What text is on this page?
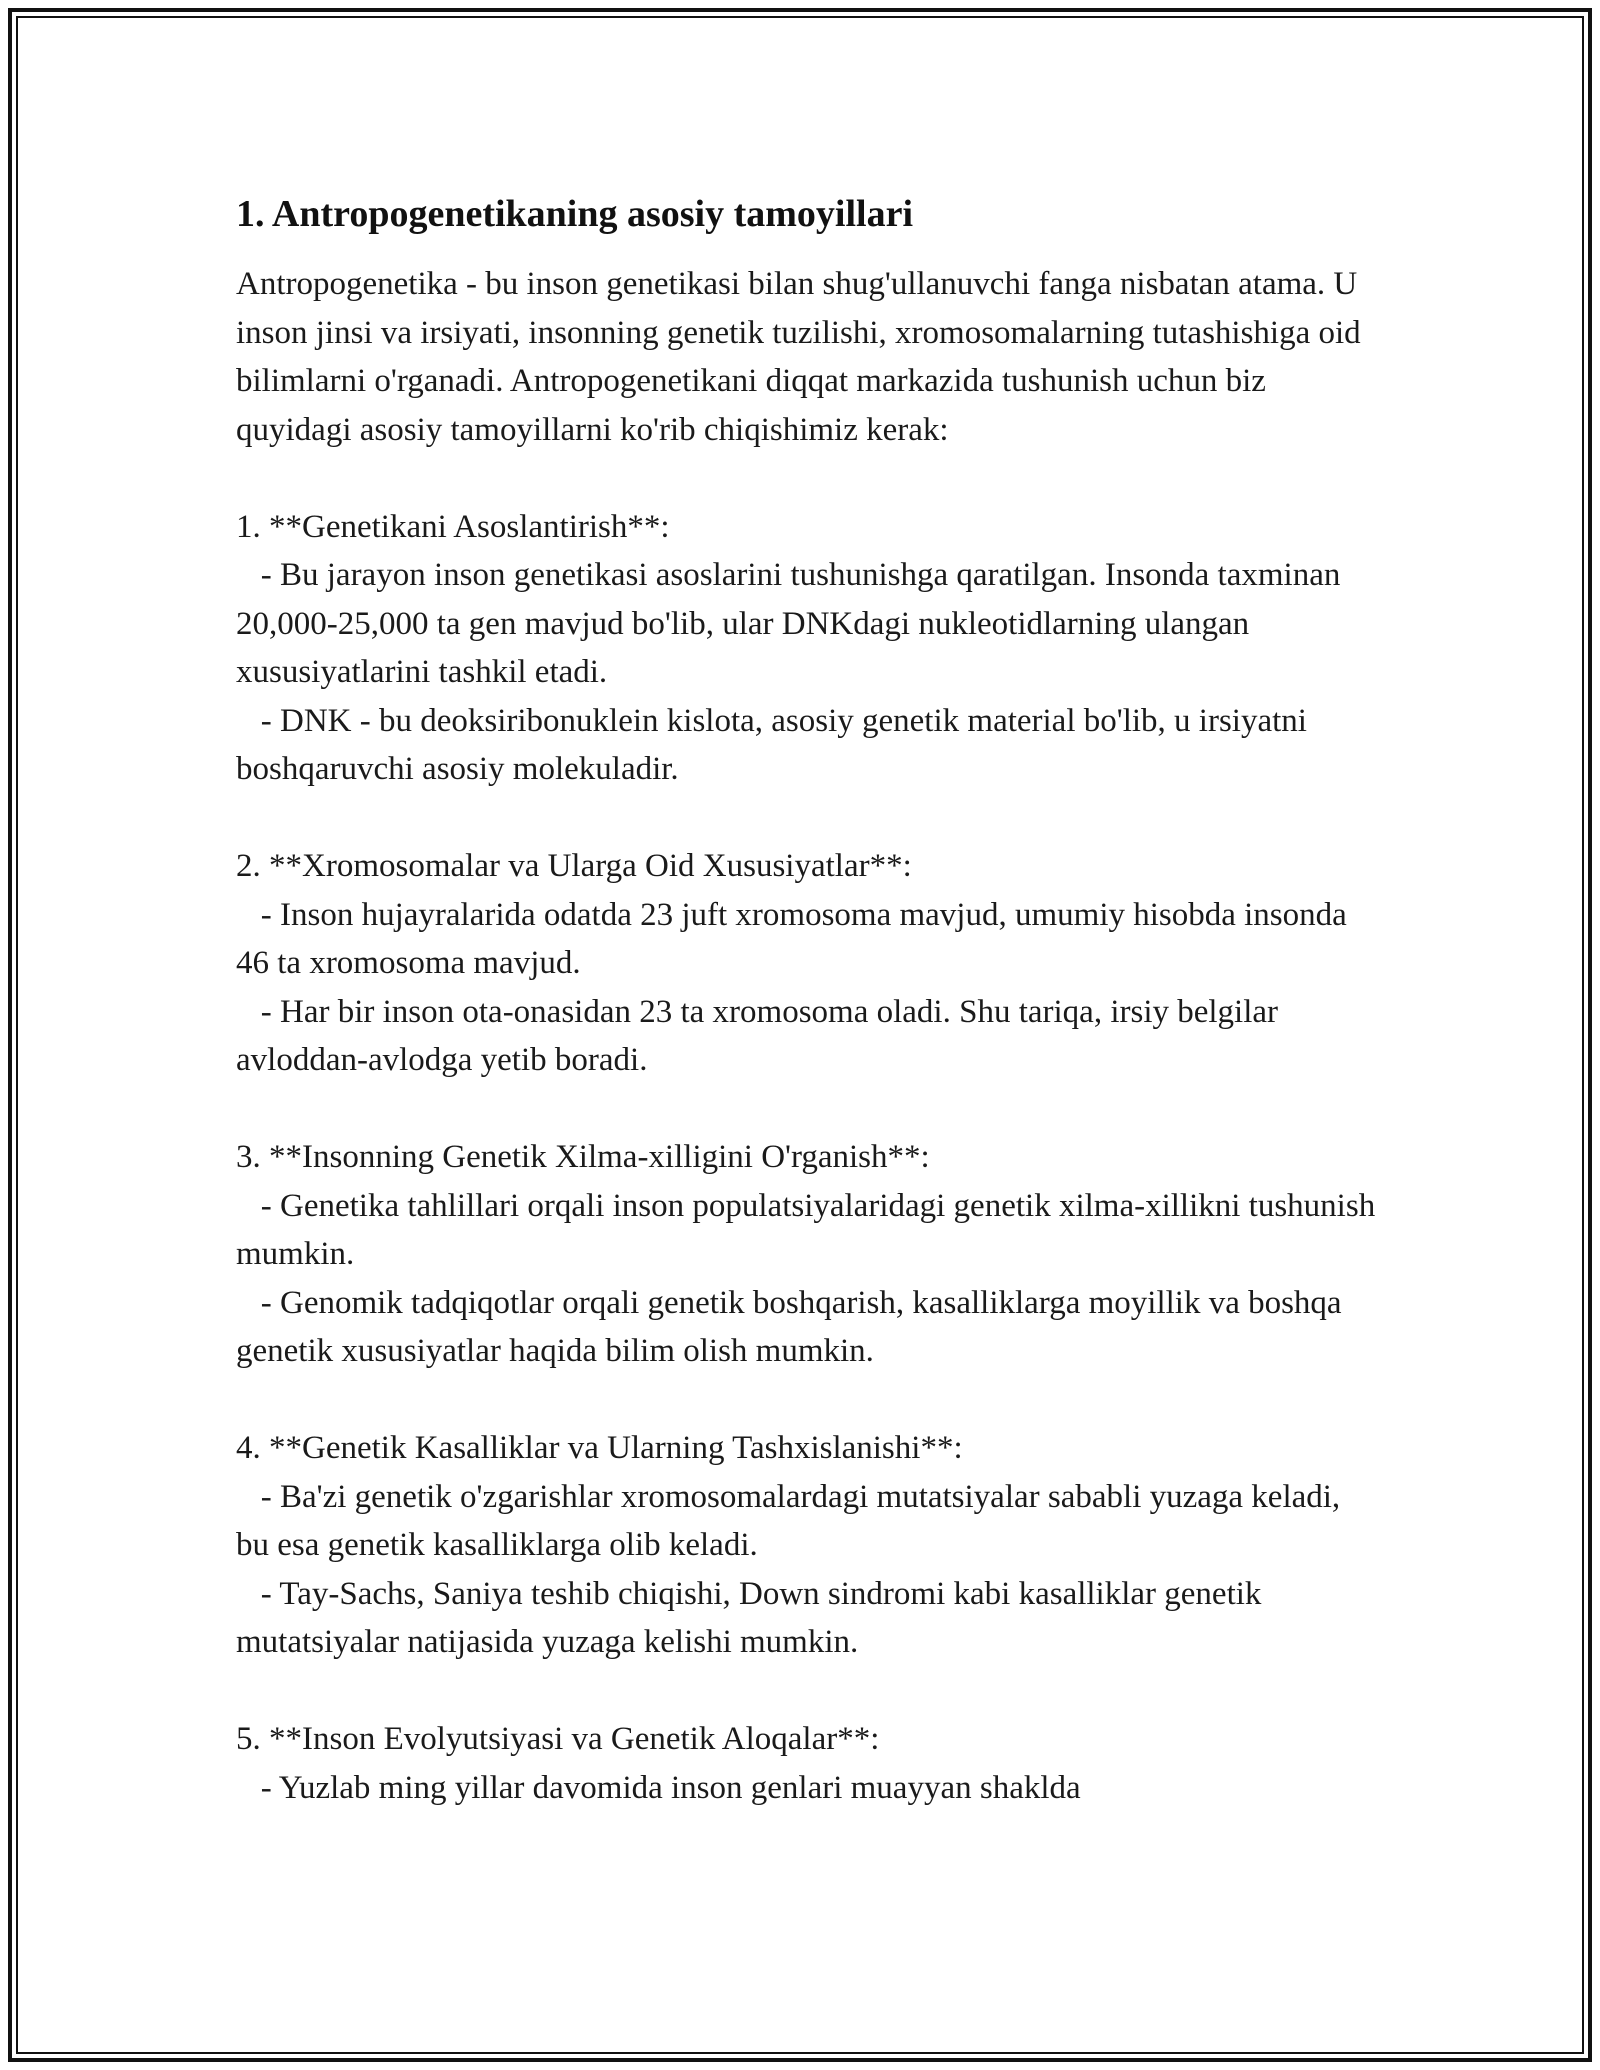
1. Antropogenetikaning asosiy tamoyillari

Antropogenetika - bu inson genetikasi bilan shug'ullanuvchi fanga nisbatan atama. U inson jinsi va irsiyati, insonning genetik tuzilishi, xromosomalarning tutashishiga oid bilimlarni o'rganadi. Antropogenetikani diqqat markazida tushunish uchun biz quyidagi asosiy tamoyillarni ko'rib chiqishimiz kerak:

1. **Genetikani Asoslantirish**:

- Bu jarayon inson genetikasi asoslarini tushunishga qaratilgan. Insonda taxminan 20,000-25,000 ta gen mavjud bo'lib, ular DNKdagi nukleotidlarning ulangan xususiyatlarini tashkil etadi.

- DNK - bu deoksiribonuklein kislota, asosiy genetik material bo'lib, u irsiyatni boshqaruvchi asosiy molekuladir.

2. **Xromosomalar va Ularga Oid Xususiyatlar**:

- Inson hujayralarida odatda 23 juft xromosoma mavjud, umumiy hisobda insonda 46 ta xromosoma mavjud.

- Har bir inson ota-onasidan 23 ta xromosoma oladi. Shu tariqa, irsiy belgilar avloddan-avlodga yetib boradi.

3. **Insonning Genetik Xilma-xilligini O'rganish**:

- Genetika tahlillari orqali inson populatsiyalaridagi genetik xilma-xillikni tushunish mumkin.

- Genomik tadqiqotlar orqali genetik boshqarish, kasalliklarga moyillik va boshqa genetik xususiyatlar haqida bilim olish mumkin.

4. **Genetik Kasalliklar va Ularning Tashxislanishi**:

- Ba'zi genetik o'zgarishlar xromosomalardagi mutatsiyalar sababli yuzaga keladi, bu esa genetik kasalliklarga olib keladi.

- Tay-Sachs, Saniya teshib chiqishi, Down sindromi kabi kasalliklar genetik mutatsiyalar natijasida yuzaga kelishi mumkin.

5. **Inson Evolyutsiyasi va Genetik Aloqalar**:

- Yuzlab ming yillar davomida inson genlari muayyan shaklda
